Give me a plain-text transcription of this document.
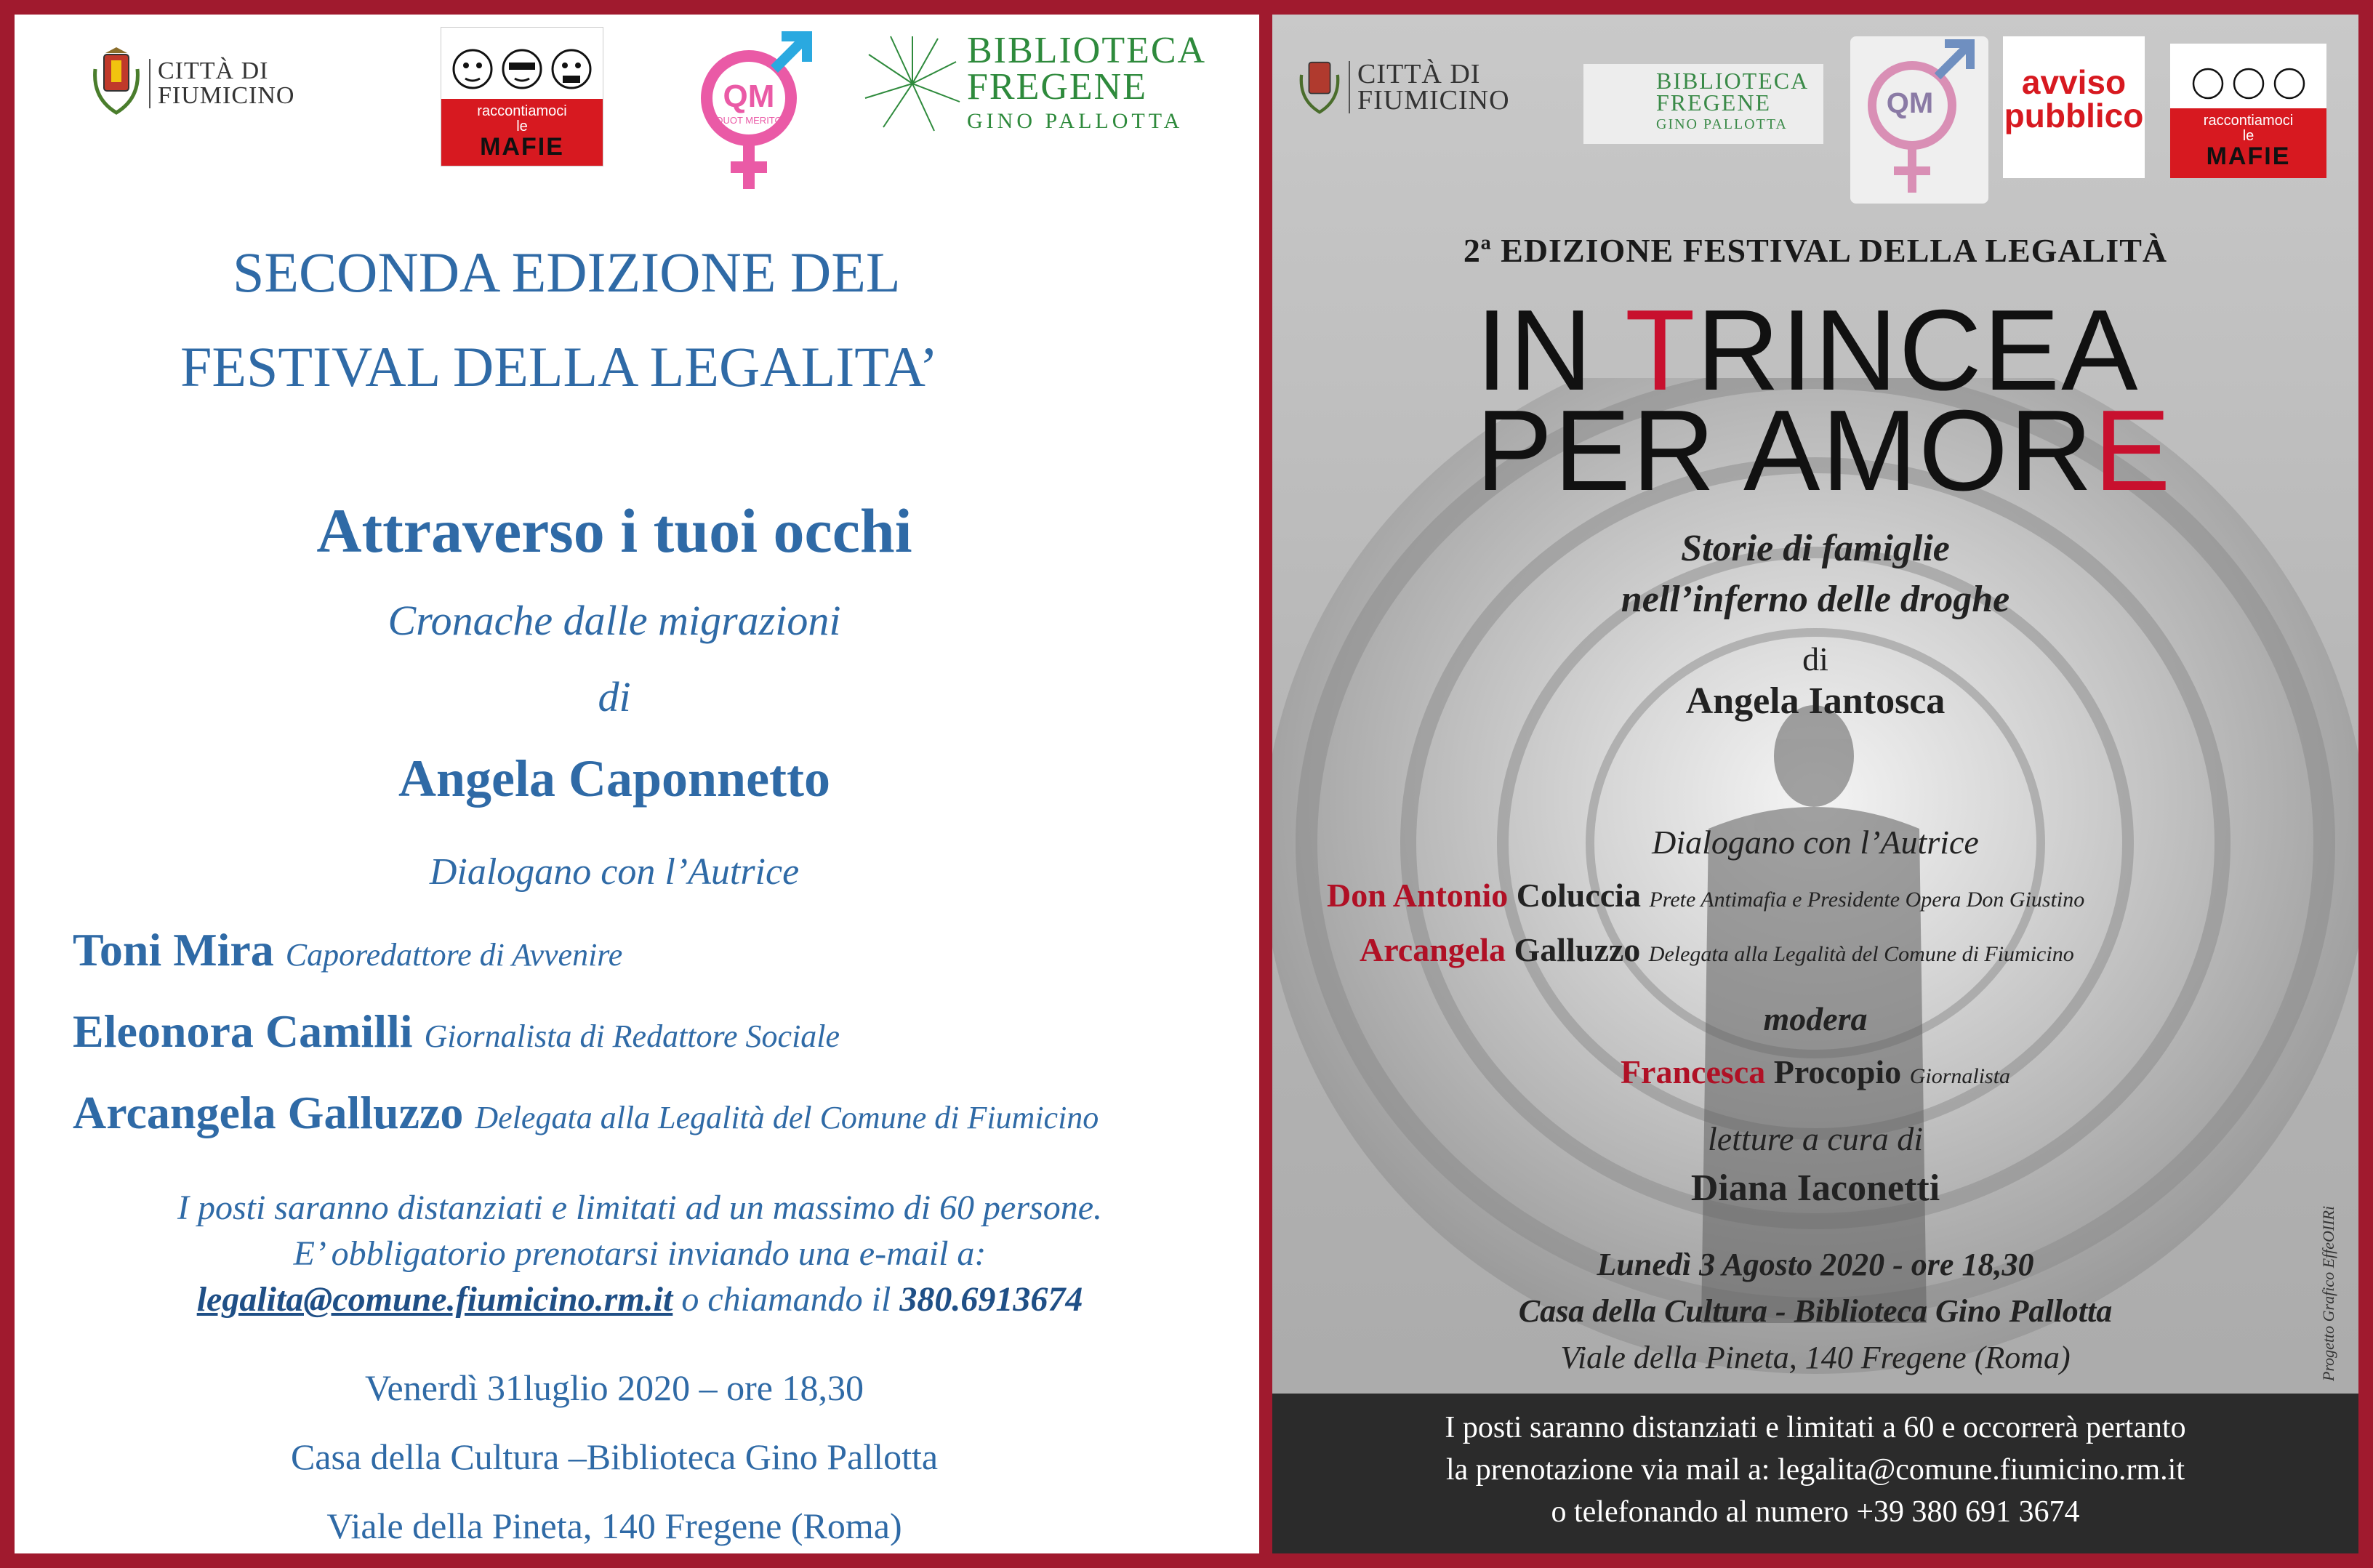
CITTÀ DI
FIUMICINO
raccontiamoci
le
MAFIE
QM
QUOT MERITO
BIBLIOTECA
FREGENE
GINO PALLOTTA
SECONDA EDIZIONE DEL
FESTIVAL DELLA LEGALITA’
Attraverso i tuoi occhi
Cronache dalle migrazioni
di
Angela Caponnetto
Dialogano con l’Autrice
Toni Mira Caporedattore di Avvenire
Eleonora Camilli Giornalista di Redattore Sociale
Arcangela Galluzzo Delegata alla Legalità del Comune di Fiumicino
I posti saranno distanziati e limitati ad un massimo di 60 persone.
E’ obbligatorio prenotarsi inviando una e-mail a:
legalita@comune.fiumicino.rm.it o chiamando il 380.6913674
Venerdì 31luglio 2020 – ore 18,30
Casa della Cultura –Biblioteca Gino Pallotta
Viale della Pineta, 140 Fregene (Roma)
CITTÀ DI
FIUMICINO
BIBLIOTECA
FREGENE
GINO PALLOTTA
QM
avviso
pubblico	raccontiamoci
le
MAFIE
2ª EDIZIONE FESTIVAL DELLA LEGALITÀ
IN TRINCEA
PER AMORE
Storie di famiglie
nell’inferno delle droghe
di
Angela Iantosca
Dialogano con l’Autrice
Don Antonio Coluccia Prete Antimafia e Presidente Opera Don Giustino
Arcangela Galluzzo Delegata alla Legalità del Comune di Fiumicino
modera
Francesca Procopio Giornalista
letture a cura di
Diana Iaconetti
Lunedì 3 Agosto 2020 - ore 18,30
Casa della Cultura - Biblioteca Gino Pallotta
Viale della Pineta, 140 Fregene (Roma)	Progetto Grafico EffeOIIRi
I posti saranno distanziati e limitati a 60 e occorrerà pertanto
la prenotazione via mail a: legalita@comune.fiumicino.rm.it
o telefonando al numero +39 380 691 3674
